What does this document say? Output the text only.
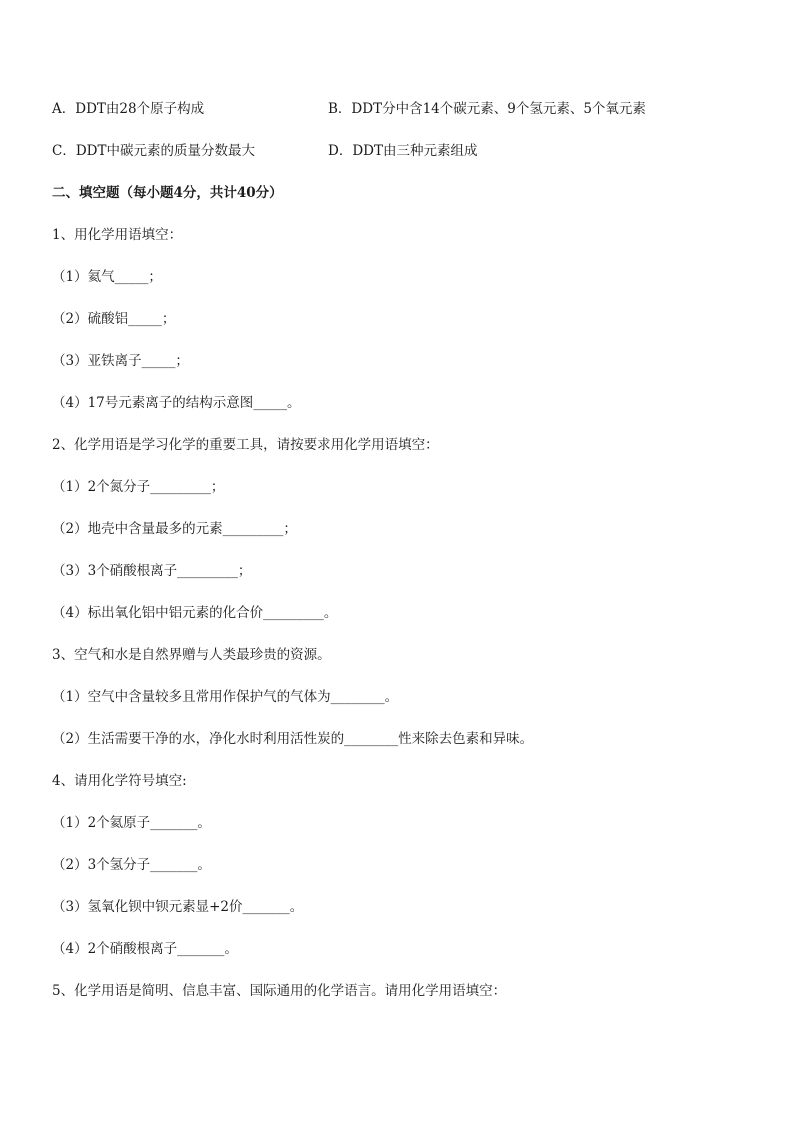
A．DDT由28个原子构成	B．DDT分中含14个碳元素、9个氢元素、5个氧元素
C．DDT中碳元素的质量分数最大	D．DDT由三种元素组成
二、填空题（每小题4分，共计40分）
1、用化学用语填空：
（1）氦气_____；
（2）硫酸铝_____；
（3）亚铁离子_____；
（4）17号元素离子的结构示意图_____。
2、化学用语是学习化学的重要工具，请按要求用化学用语填空：
（1）2个氮分子_________；
（2）地壳中含量最多的元素_________；
（3）3个硝酸根离子_________；
（4）标出氧化铝中铝元素的化合价_________。
3、空气和水是自然界赠与人类最珍贵的资源。
（1）空气中含量较多且常用作保护气的气体为________。
（2）生活需要干净的水，净化水时利用活性炭的________性来除去色素和异味。
4、请用化学符号填空:
（1）2个氦原子_______。
（2）3个氢分子_______。
（3）氢氧化钡中钡元素显+2价_______。
（4）2个硝酸根离子_______。
5、化学用语是简明、信息丰富、国际通用的化学语言。请用化学用语填空：
